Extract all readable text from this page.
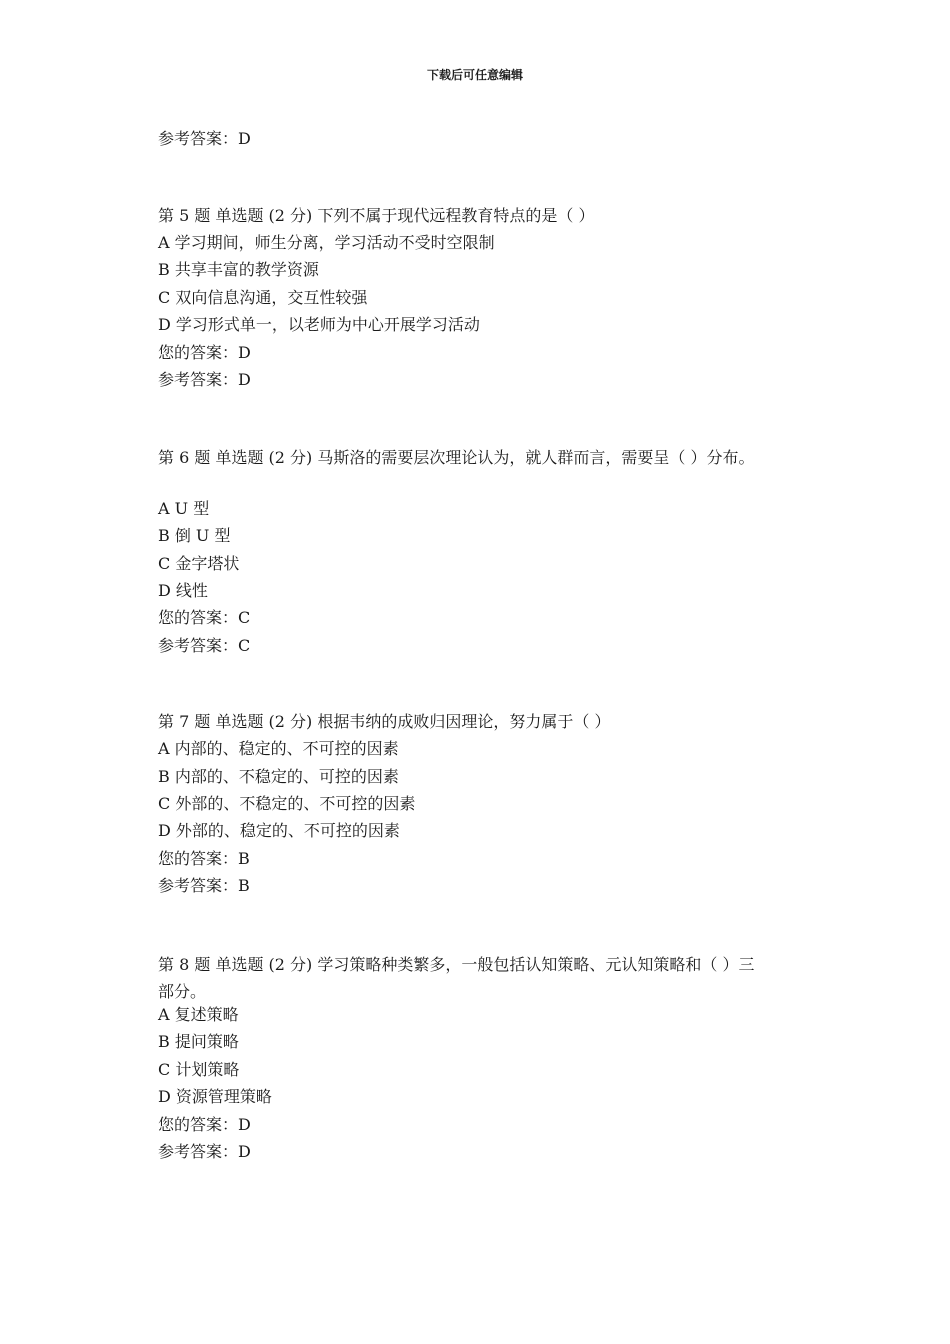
下载后可任意编辑
参考答案：D
第 5 题 单选题 (2 分) 下列不属于现代远程教育特点的是（ ）
A 学习期间，师生分离，学习活动不受时空限制
B 共享丰富的教学资源
C 双向信息沟通，交互性较强
D 学习形式单一，以老师为中心开展学习活动
您的答案：D
参考答案：D
第 6 题 单选题 (2 分) 马斯洛的需要层次理论认为，就人群而言，需要呈（ ）分布。
A U 型
B 倒 U 型
C 金字塔状
D 线性
您的答案：C
参考答案：C
第 7 题 单选题 (2 分) 根据韦纳的成败归因理论，努力属于（ ）
A 内部的、稳定的、不可控的因素
B 内部的、不稳定的、可控的因素
C 外部的、不稳定的、不可控的因素
D 外部的、稳定的、不可控的因素
您的答案：B
参考答案：B
第 8 题 单选题 (2 分) 学习策略种类繁多，一般包括认知策略、元认知策略和（ ）三部分。
A 复述策略
B 提问策略
C 计划策略
D 资源管理策略
您的答案：D
参考答案：D
